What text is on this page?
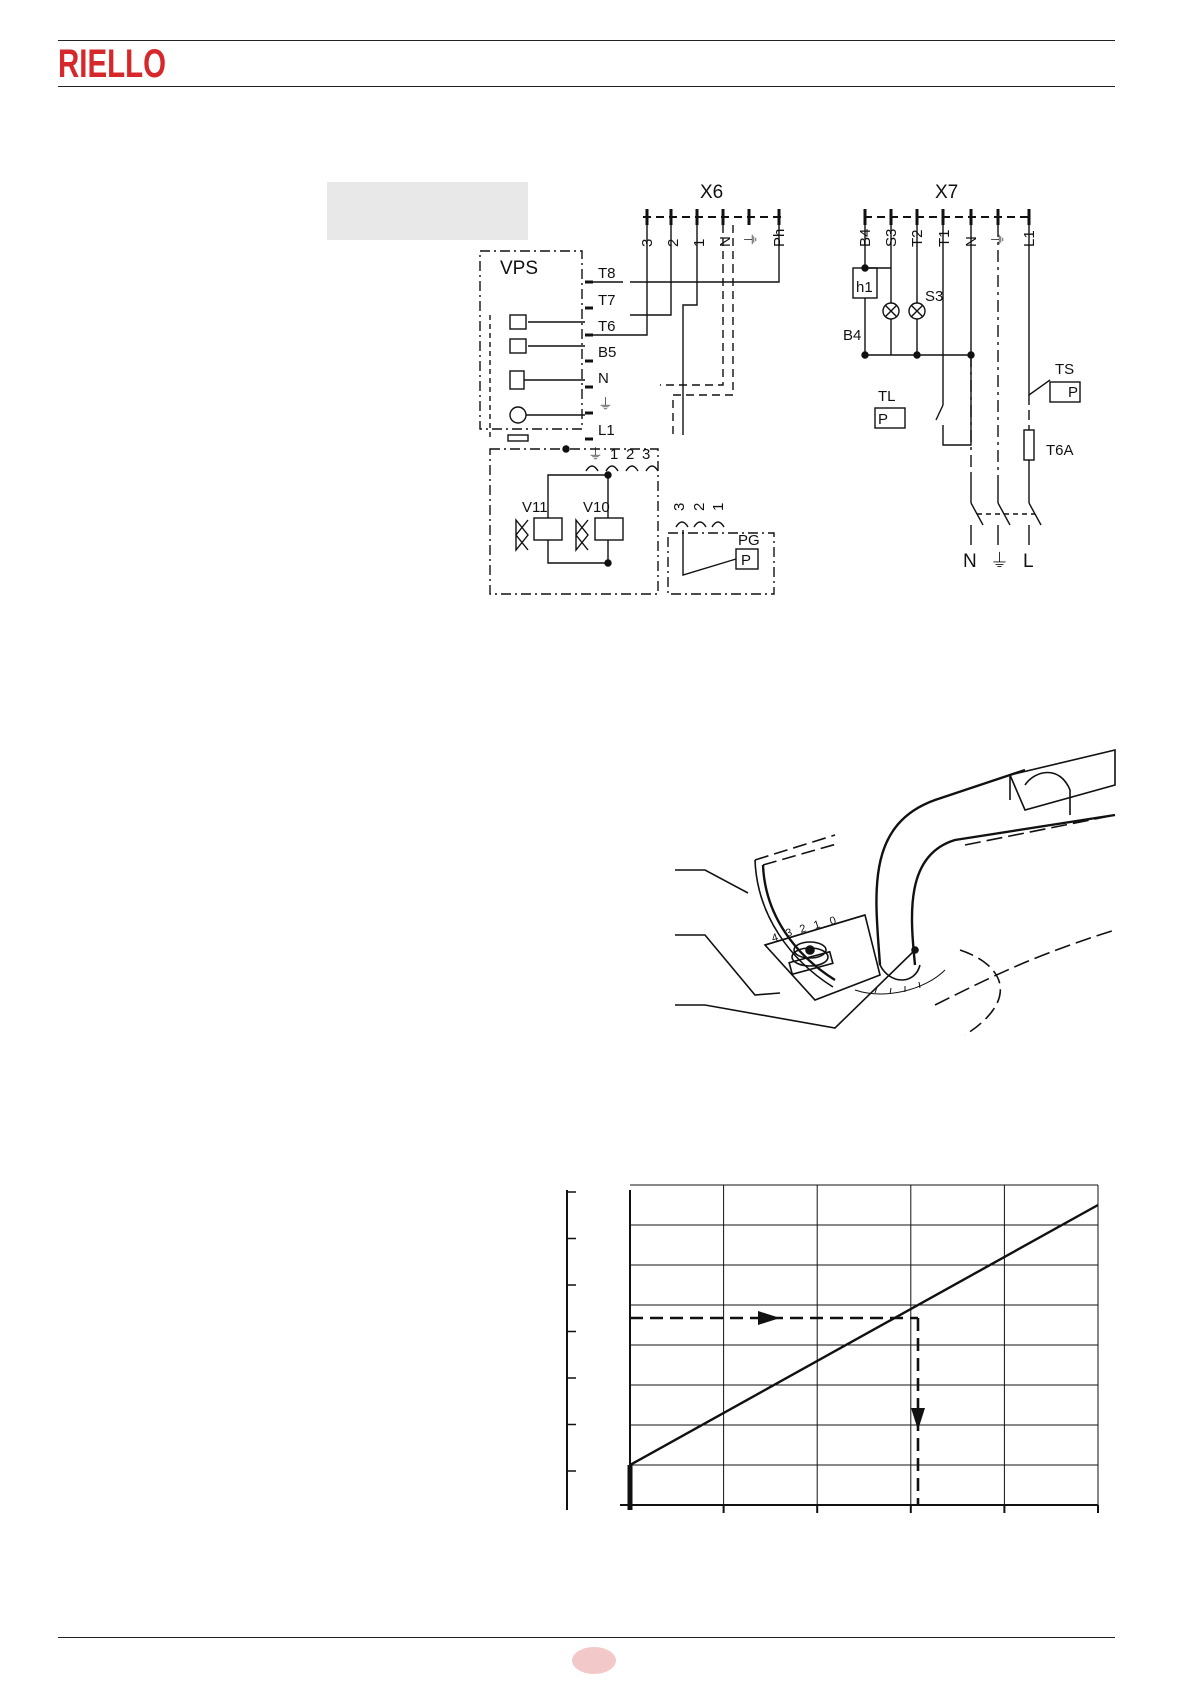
RIELLO
X6
3 2 1 N ⏚ Ph
VPS	T8
T7
T6
B5
N
⏚
L1
⏚ 1 2 3
V11 V10	3 2 1
P
PG
X7
B4 S3 T2 T1 N ⏚ L1
h1
B4
S3
P
TL	P
TS
T6A
N ⏚ L
4 3 2 1 0
